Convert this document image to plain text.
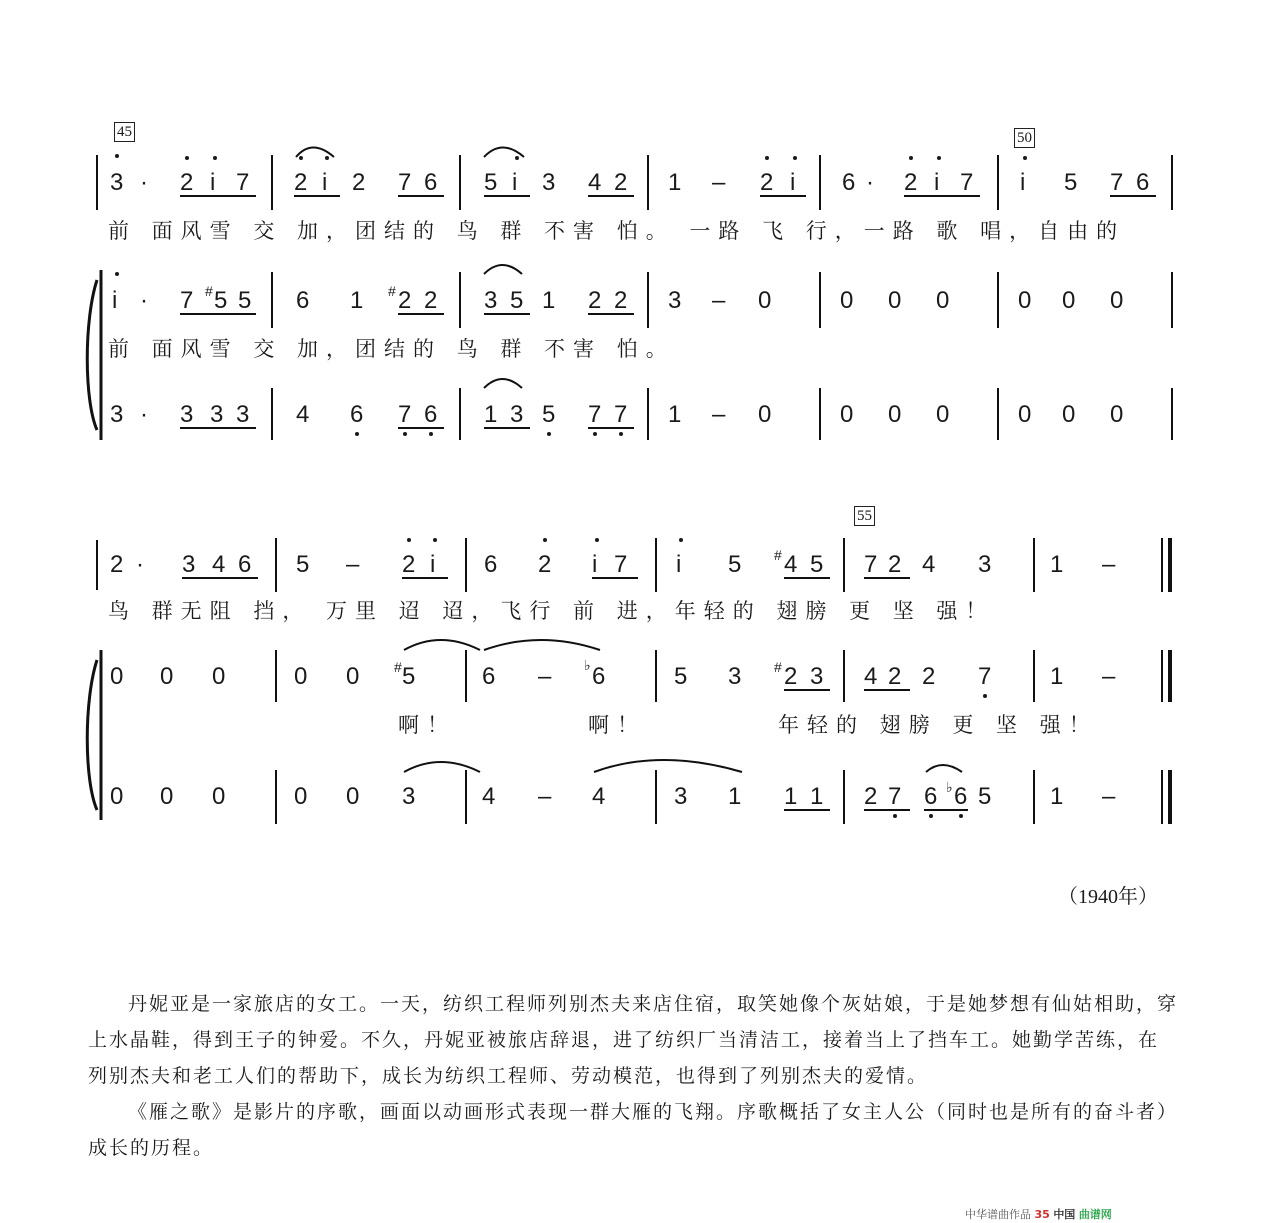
3 · 2 i 7 2 i 2 7 6 5 i 3 4 2 1 – 2 i 6 · 2 i 7 i 5 7 6
i · 7 # 5 5 6 1 # 2 2 3 5 1 2 2 3 – 0	0 0 0	0 0 0
3 · 3 3 3 4 6 7 6 1 3 5 7 7 1 – 0	0 0 0	0 0 0
2 · 3 4 6 5 – 2 i 6 2 i 7 i 5 # 4 5 7 2 4 3 1 –
0 0 0	0 0 # 5	6 – ♭ 6	5 3 # 2 3 4 2 2 7 1 –
0 0 0	0 0 3	4 – 4	3 1 1 1 2 7 6 ♭ 6 5 1 –
45	50
55
前 面风雪 交 加，团结的 鸟 群 不害 怕。 一路 飞 行，一路 歌 唱，自由的
前 面风雪 交 加，团结的 鸟 群 不害 怕。
鸟 群无阻 挡， 万里 迢 迢，飞行 前 进，年轻的 翅膀 更 坚 强！
啊！	啊！	年轻的 翅膀 更 坚 强！
（1940年）

丹妮亚是一家旅店的女工。一天，纺织工程师列别杰夫来店住宿，取笑她像个灰姑娘，于是她梦想有仙姑相助，穿上水晶鞋，得到王子的钟爱。不久，丹妮亚被旅店辞退，进了纺织厂当清洁工，接着当上了挡车工。她勤学苦练，在列别杰夫和老工人们的帮助下，成长为纺织工程师、劳动模范，也得到了列别杰夫的爱情。

《雁之歌》是影片的序歌，画面以动画形式表现一群大雁的飞翔。序歌概括了女主人公（同时也是所有的奋斗者）成长的历程。

中华谱曲作品 35 中国 曲谱网
